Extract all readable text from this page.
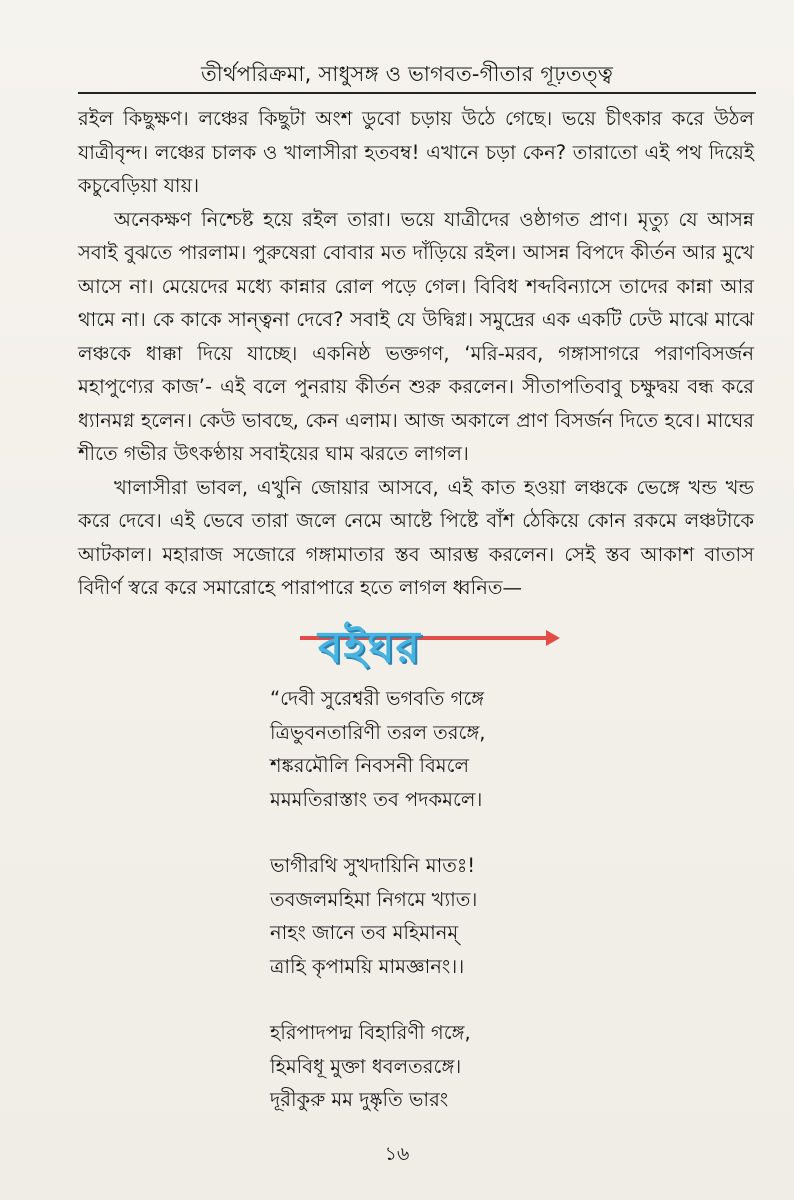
তীর্থপরিক্রমা, সাধুসঙ্গ ও ভাগবত-গীতার গূঢ়তত্ত্ব

রইল কিছুক্ষণ। লঞ্চের কিছুটা অংশ ডুবো চড়ায় উঠে গেছে। ভয়ে চীৎকার করে উঠল যাত্রীবৃন্দ। লঞ্চের চালক ও খালাসীরা হতবম্ব! এখানে চড়া কেন? তারাতো এই পথ দিয়েই কচুবেড়িয়া যায়।

অনেকক্ষণ নিশ্চেষ্ট হয়ে রইল তারা। ভয়ে যাত্রীদের ওষ্ঠাগত প্রাণ। মৃত্যু যে আসন্ন সবাই বুঝতে পারলাম। পুরুষেরা বোবার মত দাঁড়িয়ে রইল। আসন্ন বিপদে কীর্তন আর মুখে আসে না। মেয়েদের মধ্যে কান্নার রোল পড়ে গেল। বিবিধ শব্দবিন্যাসে তাদের কান্না আর থামে না। কে কাকে সান্ত্বনা দেবে? সবাই যে উদ্বিগ্ন। সমুদ্রের এক একটি ঢেউ মাঝে মাঝে লঞ্চকে ধাক্কা দিয়ে যাচ্ছে। একনিষ্ঠ ভক্তগণ, ‘মরি-মরব, গঙ্গাসাগরে পরাণবিসর্জন মহাপুণ্যের কাজ’- এই বলে পুনরায় কীর্তন শুরু করলেন। সীতাপতিবাবু চক্ষুদ্বয় বন্ধ করে ধ্যানমগ্ন হলেন। কেউ ভাবছে, কেন এলাম। আজ অকালে প্রাণ বিসর্জন দিতে হবে। মাঘের শীতে গভীর উৎকণ্ঠায় সবাইয়ের ঘাম ঝরতে লাগল।

খালাসীরা ভাবল, এখুনি জোয়ার আসবে, এই কাত হওয়া লঞ্চকে ভেঙ্গে খন্ড খন্ড করে দেবে। এই ভেবে তারা জলে নেমে আষ্টে পিষ্টে বাঁশ ঠেকিয়ে কোন রকমে লঞ্চটাকে আটকাল। মহারাজ সজোরে গঙ্গামাতার স্তব আরম্ভ করলেন। সেই স্তব আকাশ বাতাস বিদীর্ণ স্বরে করে সমারোহে পারাপারে হতে লাগল ধ্বনিত—

বইঘর
“দেবী সুরেশ্বরী ভগবতি গঙ্গে
ত্রিভুবনতারিণী তরল তরঙ্গে,
শঙ্করমৌলি নিবসনী বিমলে
মমমতিরাস্তাং তব পদকমলে।
ভাগীরথি সুখদায়িনি মাতঃ!
তবজলমহিমা নিগমে খ্যাত।
নাহং জানে তব মহিমানম্
ত্রাহি কৃপাময়ি মামজ্ঞানং।।
হরিপাদপদ্ম বিহারিণী গঙ্গে,
হিমবিধূ মুক্তা ধবলতরঙ্গে।
দূরীকুরু মম দুষ্কৃতি ভারং
১৬
